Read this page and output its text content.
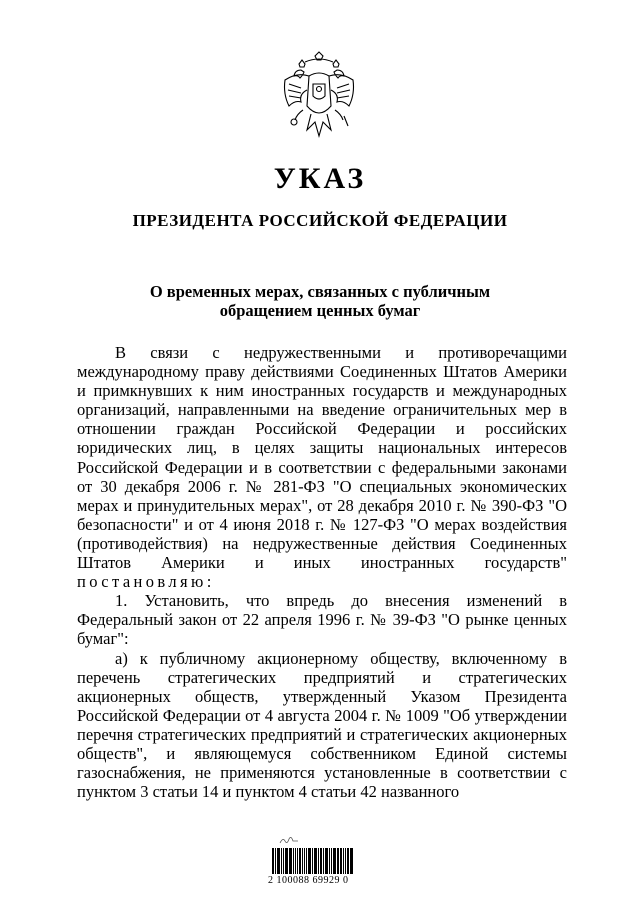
УКАЗ
ПРЕЗИДЕНТА РОССИЙСКОЙ ФЕДЕРАЦИИ
О временных мерах, связанных с публичным
обращением ценных бумаг

В связи с недружественными и противоречащими международному праву действиями Соединенных Штатов Америки и примкнувших к ним иностранных государств и международных организаций, направленными на введение ограничительных мер в отношении граждан Российской Федерации и российских юридических лиц, в целях защиты национальных интересов Российской Федерации и в соответствии с федеральными законами от 30 декабря 2006 г. № 281-ФЗ "О специальных экономических мерах и принудительных мерах", от 28 декабря 2010 г. № 390-ФЗ "О безопасности" и от 4 июня 2018 г. № 127-ФЗ "О мерах воздействия (противодействия) на недружественные действия Соединенных Штатов Америки и иных иностранных государств" постановляю:

1. Установить, что впредь до внесения изменений в Федеральный закон от 22 апреля 1996 г. № 39-ФЗ "О рынке ценных бумаг":

а) к публичному акционерному обществу, включенному в перечень стратегических предприятий и стратегических акционерных обществ, утвержденный Указом Президента Российской Федерации от 4 августа 2004 г. № 1009 "Об утверждении перечня стратегических предприятий и стратегических акционерных обществ", и являющемуся собственником Единой системы газоснабжения, не применяются установленные в соответствии с пунктом 3 статьи 14 и пунктом 4 статьи 42 названного

2 100088 69929 0
